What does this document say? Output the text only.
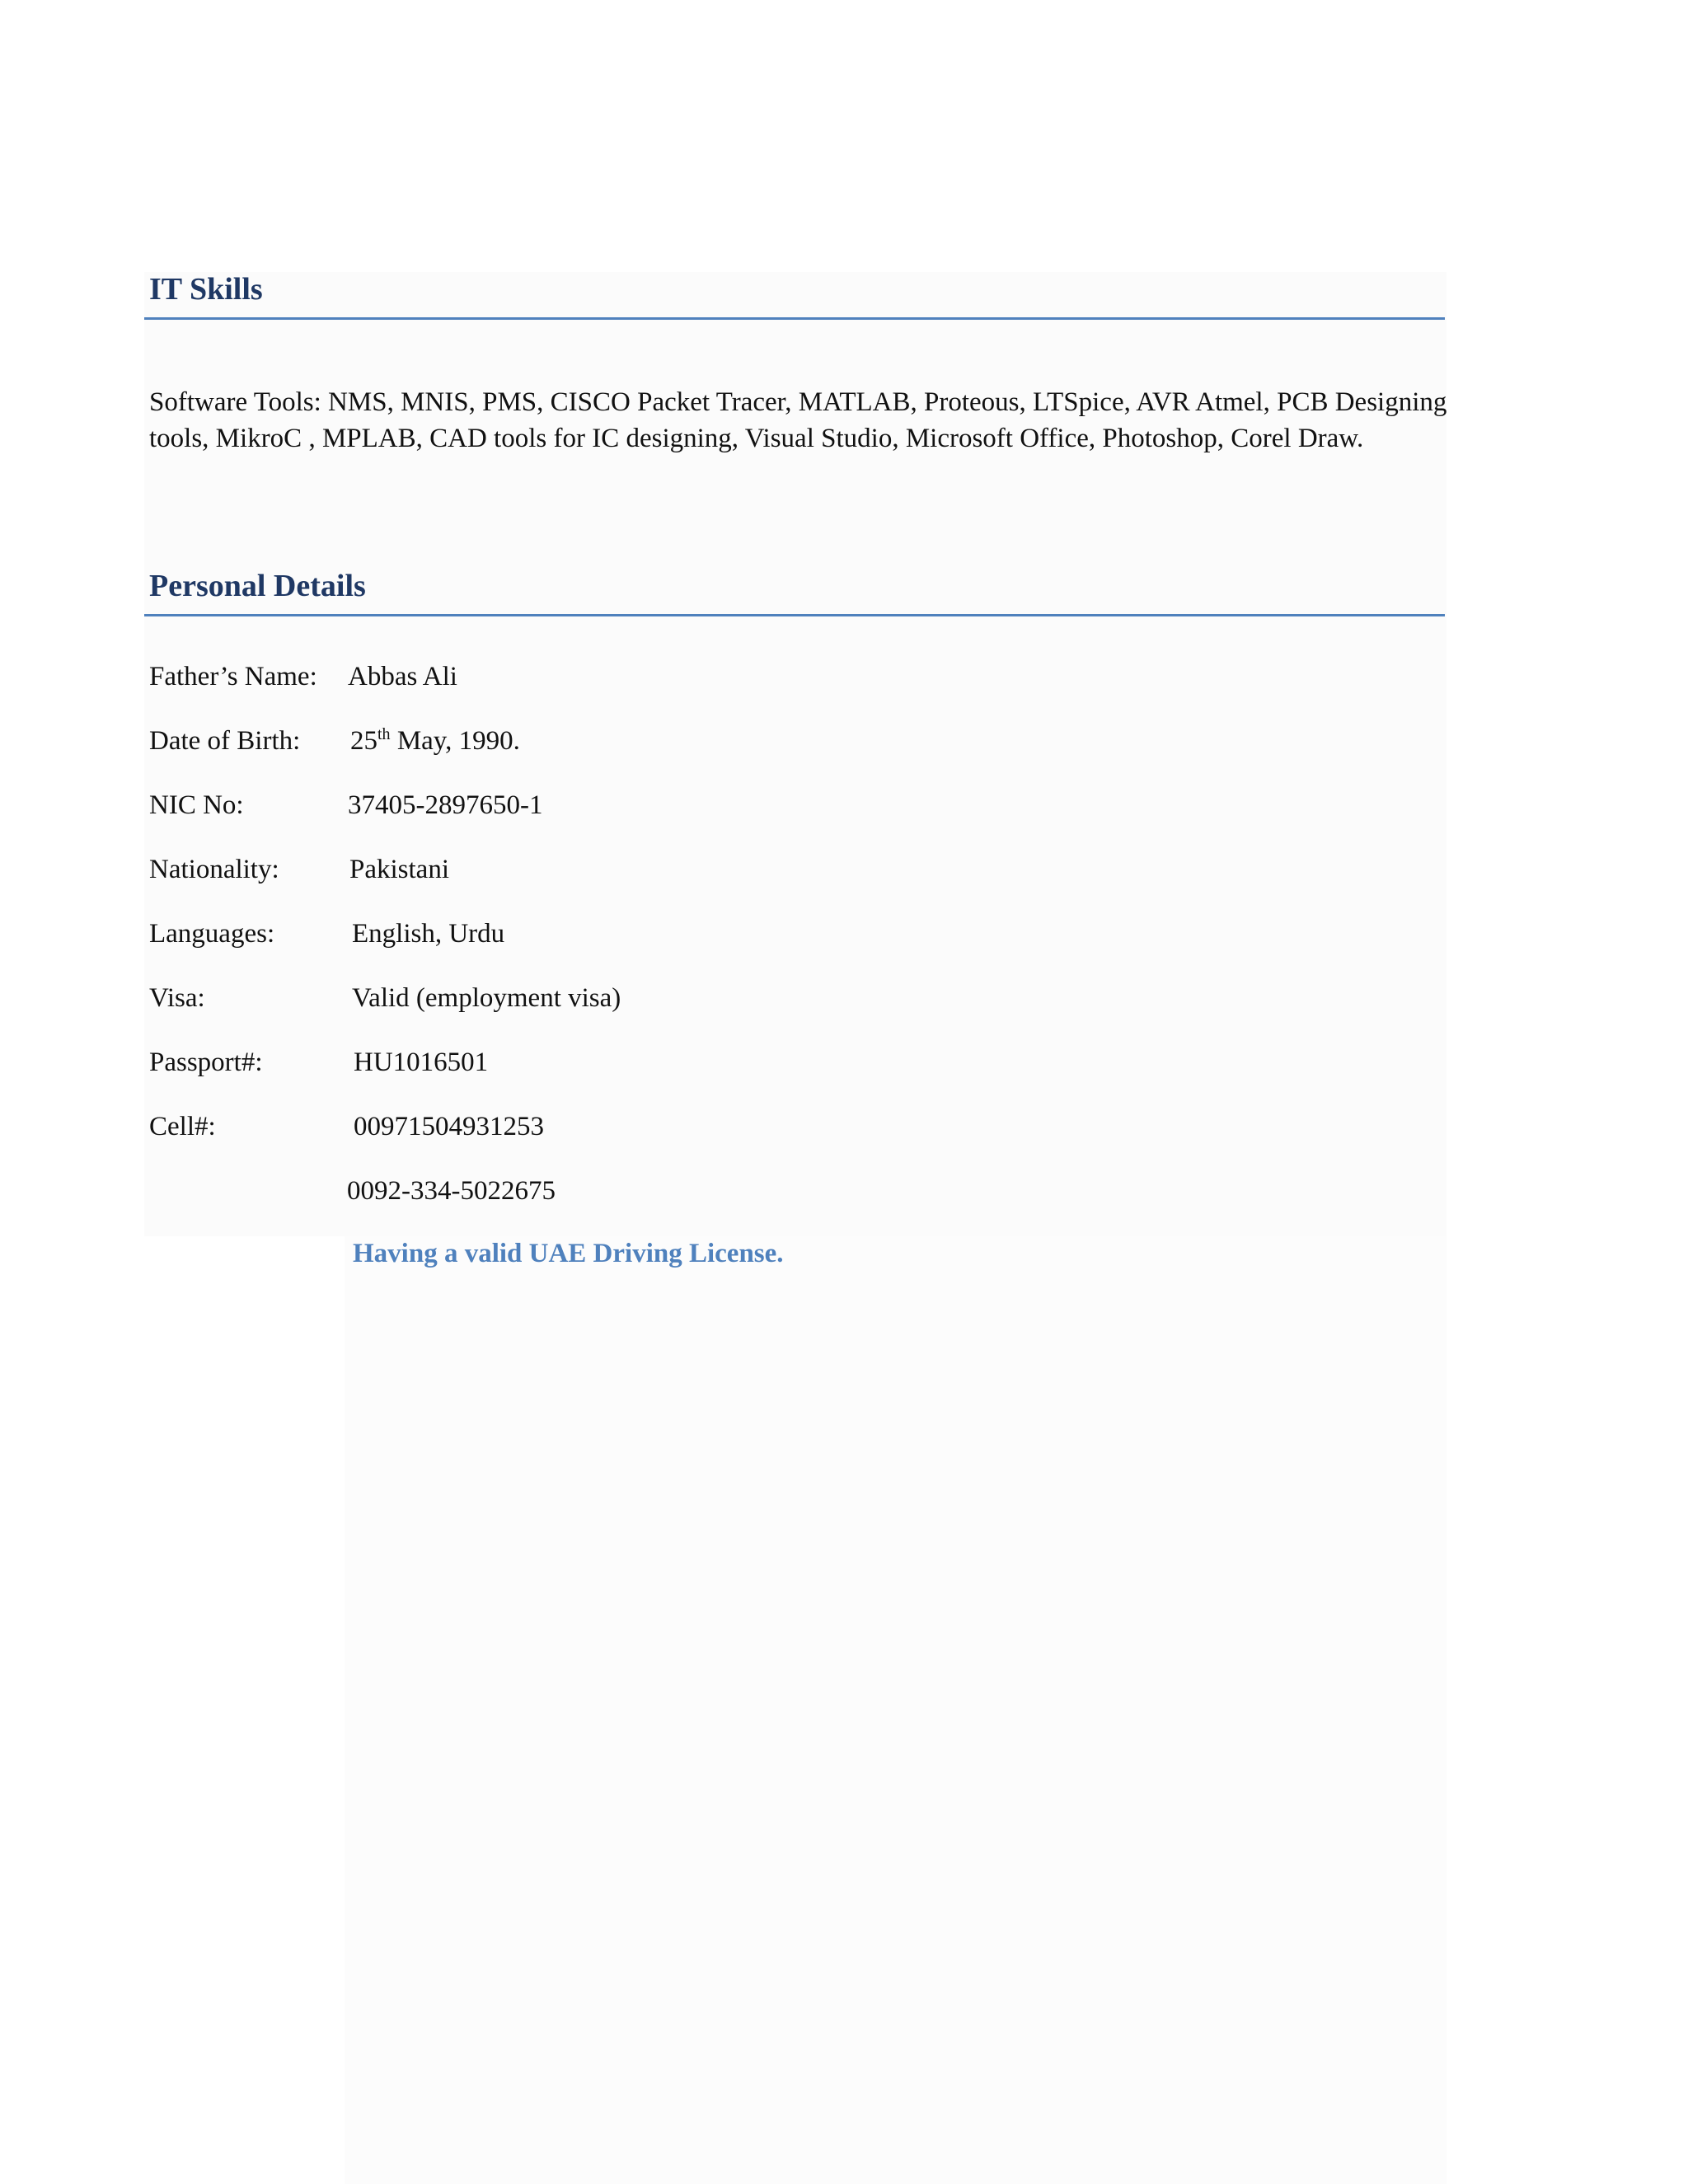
IT Skills

Software Tools: NMS, MNIS, PMS, CISCO Packet Tracer, MATLAB, Proteous, LTSpice, AVR Atmel, PCB Designing tools, MikroC , MPLAB, CAD tools for IC designing, Visual Studio, Microsoft Office, Photoshop, Corel Draw.

Personal Details

Father’s Name: Abbas Ali

Date of Birth: 25th May, 1990.

NIC No:	37405-2897650-1

Nationality:	Pakistani

Languages:	English, Urdu

Visa:	Valid (employment visa)

Passport#:	HU1016501

Cell#:	00971504931253

0092-334-5022675

Having a valid UAE Driving License.
